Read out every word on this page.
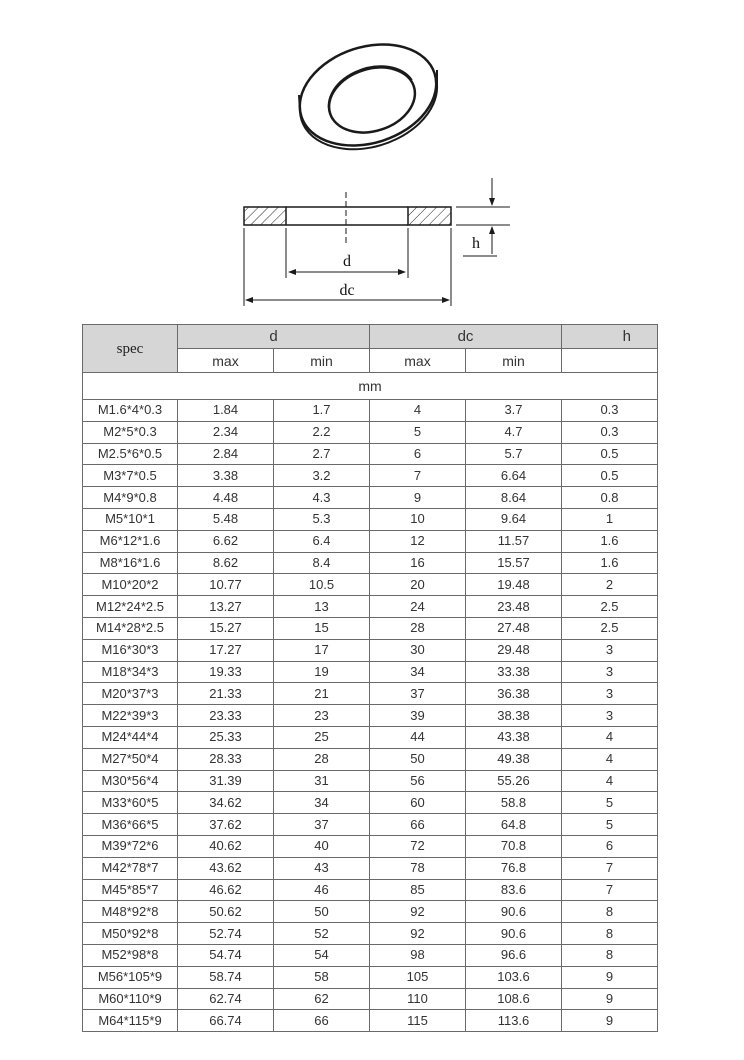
d
dc
h
spec	d		dc		h
	max	min	max	min	
mm					
M1.6*4*0.3	1.84	1.7	4	3.7	0.3
M2*5*0.3	2.34	2.2	5	4.7	0.3
M2.5*6*0.5	2.84	2.7	6	5.7	0.5
M3*7*0.5	3.38	3.2	7	6.64	0.5
M4*9*0.8	4.48	4.3	9	8.64	0.8
M5*10*1	5.48	5.3	10	9.64	1
M6*12*1.6	6.62	6.4	12	11.57	1.6
M8*16*1.6	8.62	8.4	16	15.57	1.6
M10*20*2	10.77	10.5	20	19.48	2
M12*24*2.5	13.27	13	24	23.48	2.5
M14*28*2.5	15.27	15	28	27.48	2.5
M16*30*3	17.27	17	30	29.48	3
M18*34*3	19.33	19	34	33.38	3
M20*37*3	21.33	21	37	36.38	3
M22*39*3	23.33	23	39	38.38	3
M24*44*4	25.33	25	44	43.38	4
M27*50*4	28.33	28	50	49.38	4
M30*56*4	31.39	31	56	55.26	4
M33*60*5	34.62	34	60	58.8	5
M36*66*5	37.62	37	66	64.8	5
M39*72*6	40.62	40	72	70.8	6
M42*78*7	43.62	43	78	76.8	7
M45*85*7	46.62	46	85	83.6	7
M48*92*8	50.62	50	92	90.6	8
M50*92*8	52.74	52	92	90.6	8
M52*98*8	54.74	54	98	96.6	8
M56*105*9	58.74	58	105	103.6	9
M60*110*9	62.74	62	110	108.6	9
M64*115*9	66.74	66	115	113.6	9
